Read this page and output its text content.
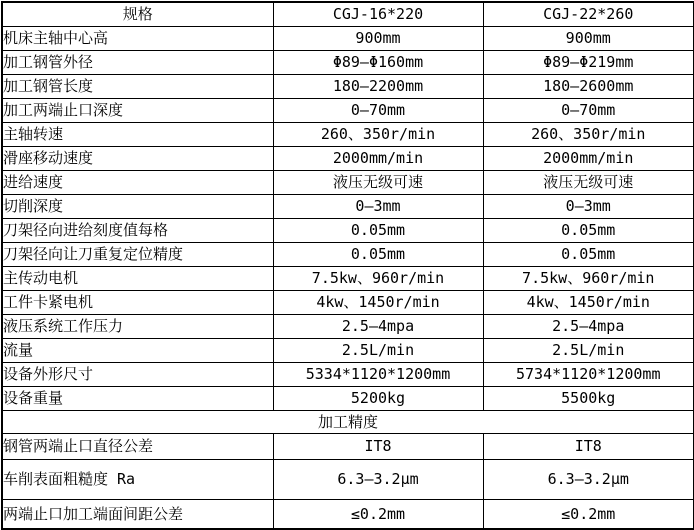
规格	CGJ-16*220	CGJ-22*260
机床主轴中心高	900mm	900mm
加工钢管外径	Φ89—Φ160mm	Φ89—Φ219mm
加工钢管长度	180—2200mm	180—2600mm
加工两端止口深度	0—70mm	0—70mm
主轴转速	260、350r/min	260、350r/min
滑座移动速度	2000mm/min	2000mm/min
进给速度	液压无级可速	液压无级可速
切削深度	0—3mm	0—3mm
刀架径向进给刻度值每格	0.05mm	0.05mm
刀架径向让刀重复定位精度	0.05mm	0.05mm
主传动电机	7.5kw、960r/min	7.5kw、960r/min
工件卡紧电机	4kw、1450r/min	4kw、1450r/min
液压系统工作压力	2.5—4mpa	2.5—4mpa
流量	2.5L/min	2.5L/min
设备外形尺寸	5334*1120*1200mm	5734*1120*1200mm
设备重量	5200kg	5500kg
加工精度		
钢管两端止口直径公差	IT8	IT8
车削表面粗糙度 Ra	6.3—3.2μm	6.3—3.2μm
两端止口加工端面间距公差	≤0.2mm	≤0.2mm
